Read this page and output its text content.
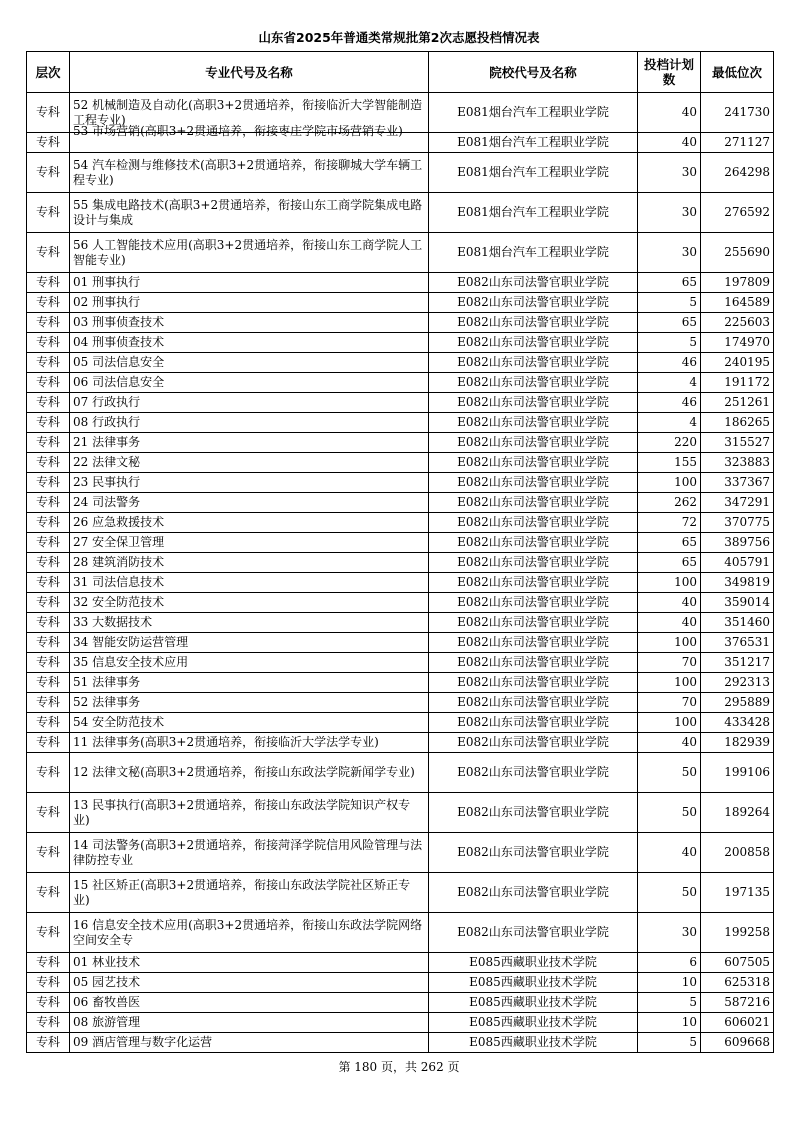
山东省2025年普通类常规批第2次志愿投档情况表
层次	专业代号及名称	院校代号及名称	投档计划数	最低位次
专科	52 机械制造及自动化(高职3+2贯通培养，衔接临沂大学智能制造工程专业)	E081烟台汽车工程职业学院	40	241730
专科	53 市场营销(高职3+2贯通培养，衔接枣庄学院市场营销专业)	E081烟台汽车工程职业学院	40	271127
专科	54 汽车检测与维修技术(高职3+2贯通培养，衔接聊城大学车辆工程专业)	E081烟台汽车工程职业学院	30	264298
专科	55 集成电路技术(高职3+2贯通培养，衔接山东工商学院集成电路设计与集成	E081烟台汽车工程职业学院	30	276592
专科	56 人工智能技术应用(高职3+2贯通培养，衔接山东工商学院人工智能专业)	E081烟台汽车工程职业学院	30	255690
专科	01 刑事执行	E082山东司法警官职业学院	65	197809
专科	02 刑事执行	E082山东司法警官职业学院	5	164589
专科	03 刑事侦查技术	E082山东司法警官职业学院	65	225603
专科	04 刑事侦查技术	E082山东司法警官职业学院	5	174970
专科	05 司法信息安全	E082山东司法警官职业学院	46	240195
专科	06 司法信息安全	E082山东司法警官职业学院	4	191172
专科	07 行政执行	E082山东司法警官职业学院	46	251261
专科	08 行政执行	E082山东司法警官职业学院	4	186265
专科	21 法律事务	E082山东司法警官职业学院	220	315527
专科	22 法律文秘	E082山东司法警官职业学院	155	323883
专科	23 民事执行	E082山东司法警官职业学院	100	337367
专科	24 司法警务	E082山东司法警官职业学院	262	347291
专科	26 应急救援技术	E082山东司法警官职业学院	72	370775
专科	27 安全保卫管理	E082山东司法警官职业学院	65	389756
专科	28 建筑消防技术	E082山东司法警官职业学院	65	405791
专科	31 司法信息技术	E082山东司法警官职业学院	100	349819
专科	32 安全防范技术	E082山东司法警官职业学院	40	359014
专科	33 大数据技术	E082山东司法警官职业学院	40	351460
专科	34 智能安防运营管理	E082山东司法警官职业学院	100	376531
专科	35 信息安全技术应用	E082山东司法警官职业学院	70	351217
专科	51 法律事务	E082山东司法警官职业学院	100	292313
专科	52 法律事务	E082山东司法警官职业学院	70	295889
专科	54 安全防范技术	E082山东司法警官职业学院	100	433428
专科	11 法律事务(高职3+2贯通培养，衔接临沂大学法学专业)	E082山东司法警官职业学院	40	182939
专科	12 法律文秘(高职3+2贯通培养，衔接山东政法学院新闻学专业)	E082山东司法警官职业学院	50	199106
专科	13 民事执行(高职3+2贯通培养，衔接山东政法学院知识产权专业)	E082山东司法警官职业学院	50	189264
专科	14 司法警务(高职3+2贯通培养，衔接菏泽学院信用风险管理与法律防控专业	E082山东司法警官职业学院	40	200858
专科	15 社区矫正(高职3+2贯通培养，衔接山东政法学院社区矫正专业)	E082山东司法警官职业学院	50	197135
专科	16 信息安全技术应用(高职3+2贯通培养，衔接山东政法学院网络空间安全专	E082山东司法警官职业学院	30	199258
专科	01 林业技术	E085西藏职业技术学院	6	607505
专科	05 园艺技术	E085西藏职业技术学院	10	625318
专科	06 畜牧兽医	E085西藏职业技术学院	5	587216
专科	08 旅游管理	E085西藏职业技术学院	10	606021
专科	09 酒店管理与数字化运营	E085西藏职业技术学院	5	609668
第 180 页，共 262 页
